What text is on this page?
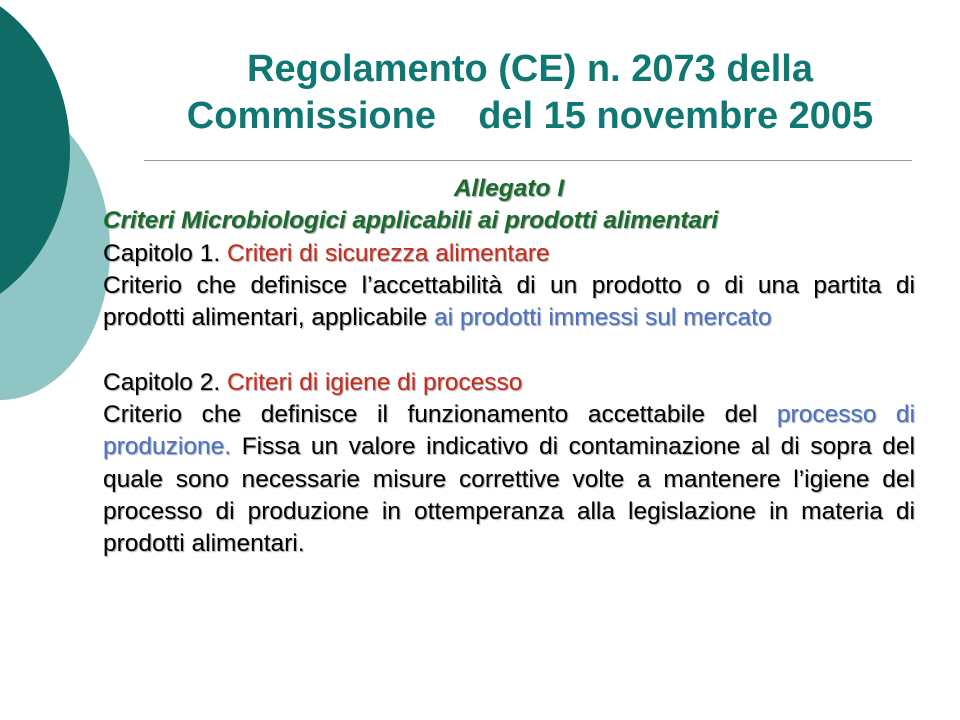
Regolamento (CE) n. 2073 della
Commissione    del 15 novembre 2005

Allegato I

Criteri Microbiologici applicabili ai prodotti alimentari

Capitolo 1. Criteri di sicurezza alimentare

Criterio che definisce l’accettabilità di un prodotto o di una partita di prodotti alimentari, applicabile ai prodotti immessi sul mercato

Capitolo 2. Criteri di igiene di processo

Criterio che definisce il funzionamento accettabile del processo di produzione. Fissa un valore indicativo di contaminazione al di sopra del quale sono necessarie misure correttive volte a mantenere l’igiene del processo di produzione in ottemperanza alla legislazione in materia di prodotti alimentari.
